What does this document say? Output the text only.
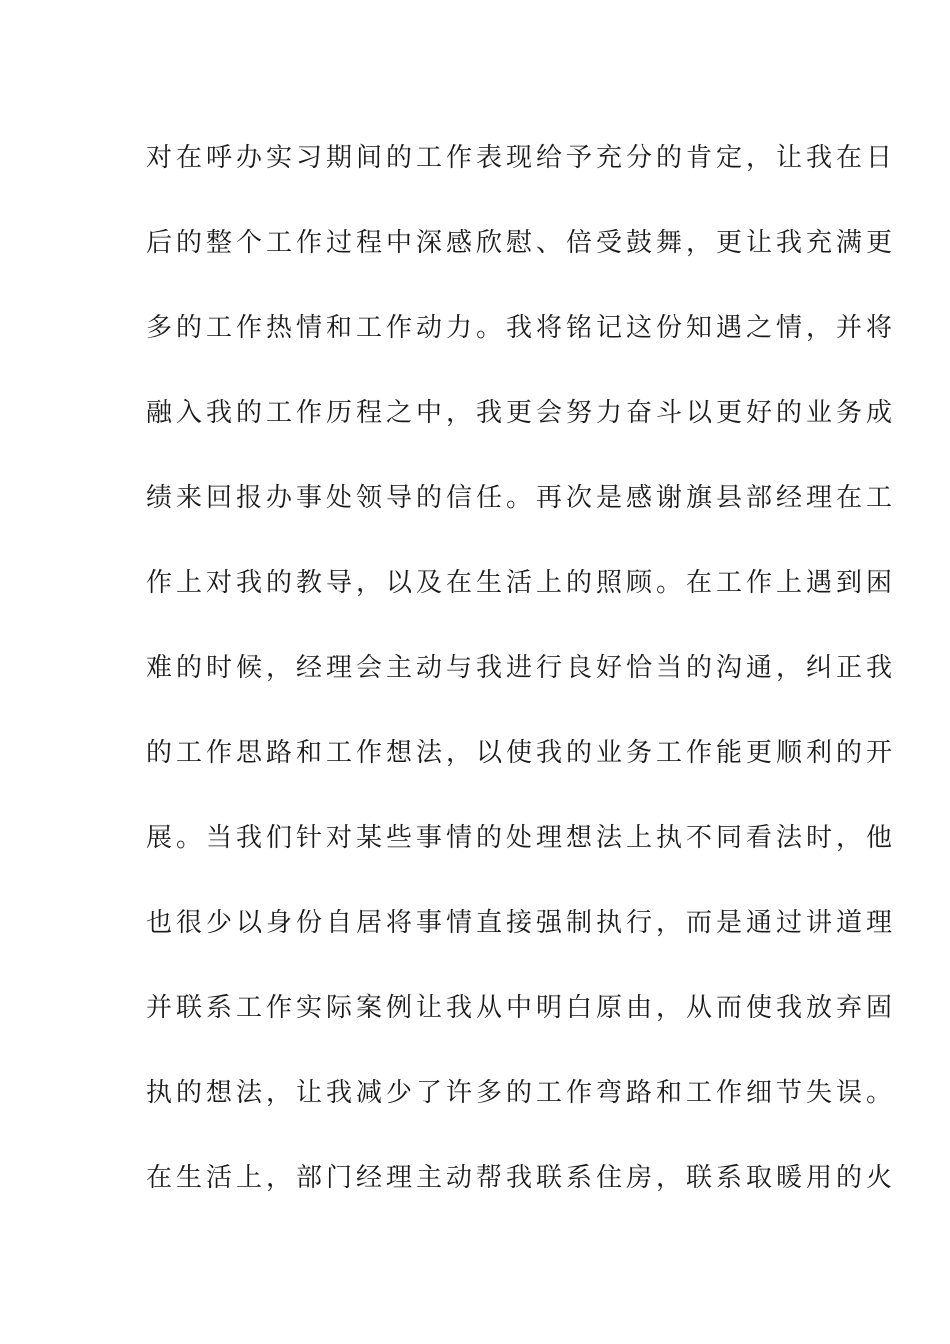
对在呼办实习期间的工作表现给予充分的肯定，让我在日

后的整个工作过程中深感欣慰、倍受鼓舞，更让我充满更

多的工作热情和工作动力。我将铭记这份知遇之情，并将

融入我的工作历程之中，我更会努力奋斗以更好的业务成

绩来回报办事处领导的信任。再次是感谢旗县部经理在工

作上对我的教导，以及在生活上的照顾。在工作上遇到困

难的时候，经理会主动与我进行良好恰当的沟通，纠正我

的工作思路和工作想法，以使我的业务工作能更顺利的开

展。当我们针对某些事情的处理想法上执不同看法时，他

也很少以身份自居将事情直接强制执行，而是通过讲道理

并联系工作实际案例让我从中明白原由，从而使我放弃固

执的想法，让我减少了许多的工作弯路和工作细节失误。

在生活上，部门经理主动帮我联系住房，联系取暖用的火
